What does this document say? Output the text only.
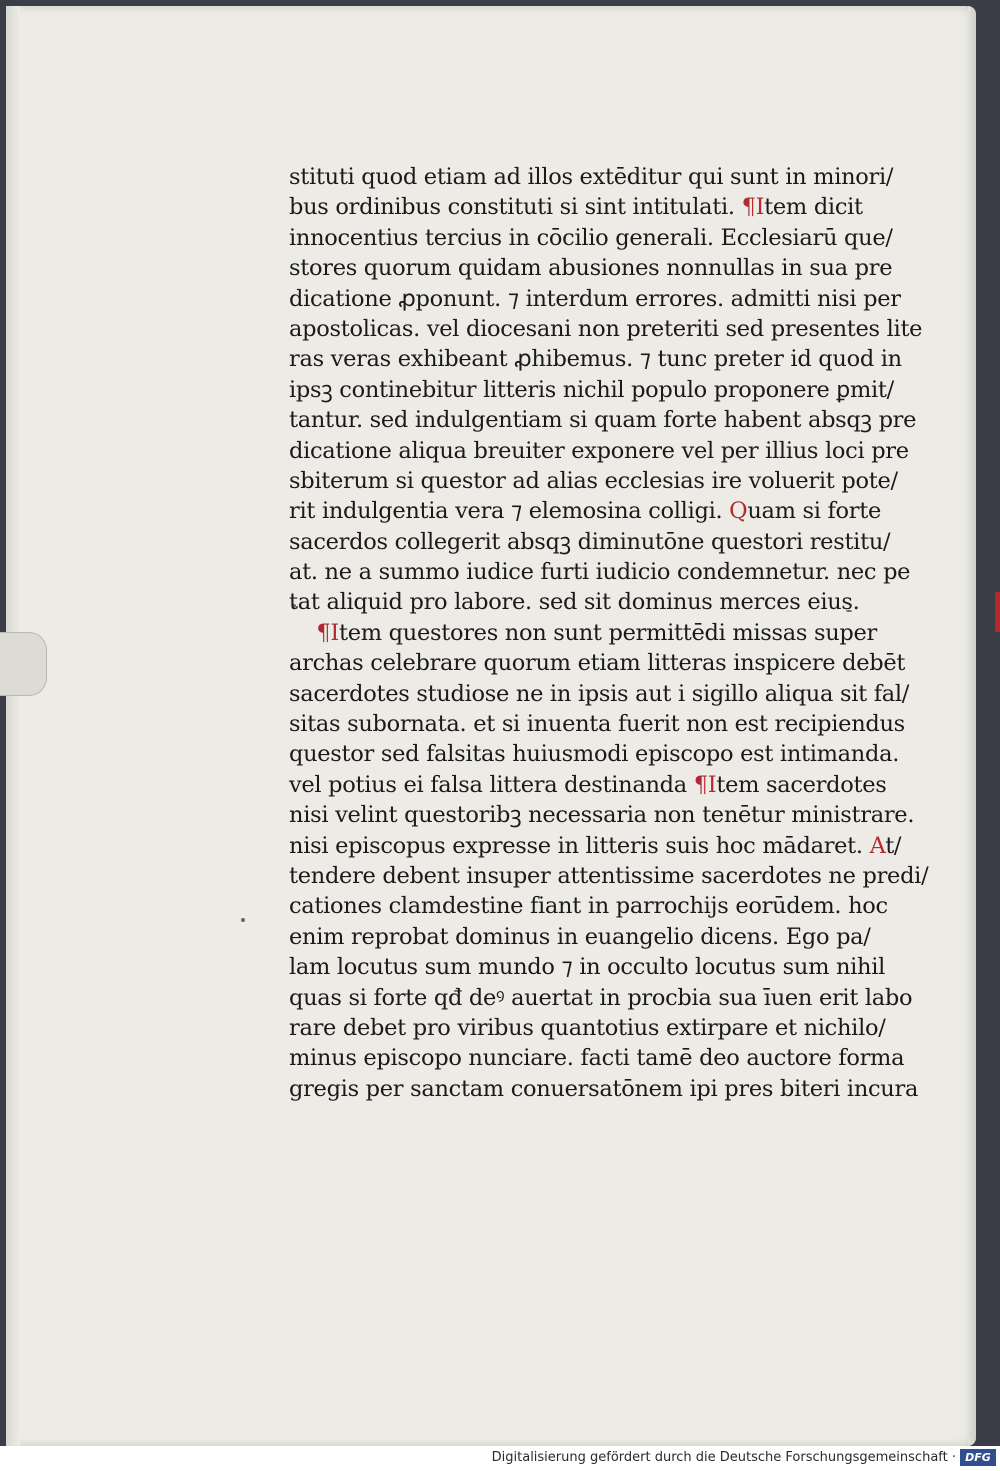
stituti quod etiam ad illos extēditur qui sunt in minori/
bus ordinibus constituti si sint intitulati. ¶Item dicit
innocentius tercius in cōcilio generali. Ecclesiarū que/
stores quorum quidam abusiones nonnullas in sua pre
dicatione ꝓponunt. ⁊ interdum errores. admitti nisi per
apostolicas. vel diocesani non preteriti sed presentes lite
ras veras exhibeant ꝓhibemus. ⁊ tunc preter id quod in
ipsꝫ continebitur litteris nichil populo proponere ꝑmit/
tantur. sed indulgentiam si quam forte habent absqꝫ pre
dicatione aliqua breuiter exponere vel per illius loci pre
sbiterum si questor ad alias ecclesias ire voluerit pote/
rit indulgentia vera ⁊ elemosina colligi. Quam si forte
sacerdos collegerit absqꝫ diminutōne questori restitu/
at. ne a summo iudice furti iudicio condemnetur. nec pe
tat aliquid pro labore. sed sit dominus merces eius.
¶Item questores non sunt permittēdi missas super
archas celebrare quorum etiam litteras inspicere debēt
sacerdotes studiose ne in ipsis aut i sigillo aliqua sit fal/
sitas subornata. et si inuenta fuerit non est recipiendus
questor sed falsitas huiusmodi episcopo est intimanda.
vel potius ei falsa littera destinanda ¶Item sacerdotes
nisi velint questoribꝫ necessaria non tenētur ministrare.
nisi episcopus expresse in litteris suis hoc mādaret. At/
tendere debent insuper attentissime sacerdotes ne predi/
cationes clamdestine fiant in parrochijs eorūdem. hoc
enim reprobat dominus in euangelio dicens. Ego pa/
lam locutus sum mundo ⁊ in occulto locutus sum nihil
quas si forte qđ deꝰ auertat in procbia sua īuen erit labo
rare debet pro viribus quantotius extirpare et nichilo/
minus episcopo nunciare. facti tamē deo auctore forma
gregis per sanctam conuersatōnem ipi pres biteri incura
Digitalisierung gefördert durch die Deutsche Forschungsgemeinschaft · DFG
